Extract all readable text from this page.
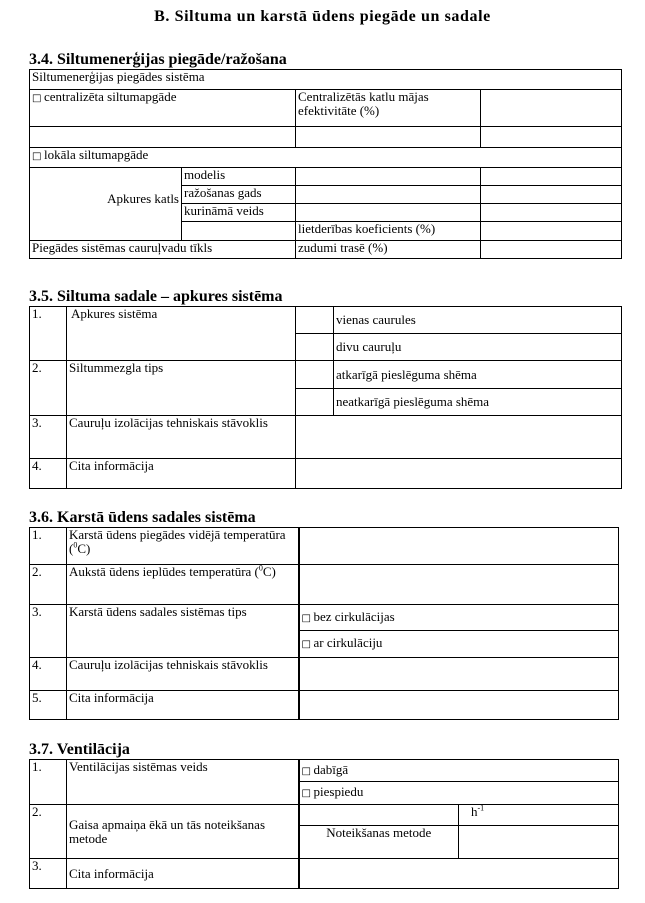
B. Siltuma un karstā ūdens piegāde un sadale
3.4. Siltumenerģijas piegāde/ražošana
Siltumenerģijas piegādes sistēma			
□ centralizēta siltumapgāde		Centralizētās katlu mājas efektivitāte (%)	

□ lokāla siltumapgāde			
Apkures katls	modelis		
	ražošanas gads		
	kurināmā veids		
		lietderības koeficients (%)	
Piegādes sistēmas cauruļvadu tīkls		zudumi trasē (%)	
3.5. Siltuma sadale – apkures sistēma
1.	Apkures sistēma		vienas caurules
			divu cauruļu
2.	Siltummezgla tips		atkarīgā pieslēguma shēma
			neatkarīgā pieslēguma shēma
3.	Cauruļu izolācijas tehniskais stāvoklis		
4.	Cita informācija		
3.6. Karstā ūdens sadales sistēma
1.	Karstā ūdens piegādes vidējā temperatūra ($^0$C)	
2.	Aukstā ūdens ieplūdes temperatūra ($^0$C)	
3.	Karstā ūdens sadales sistēmas tips	□ bez cirkulācijas
		□ ar cirkulāciju
4.	Cauruļu izolācijas tehniskais stāvoklis	
5.	Cita informācija	
3.7. Ventilācija
1.	Ventilācijas sistēmas veids	□ dabīgā	
		□ piespiedu	
2.	Gaisa apmaiņa ēkā un tās noteikšanas metode		$h^{-1}$
		Noteikšanas metode	
3.	Cita informācija		
